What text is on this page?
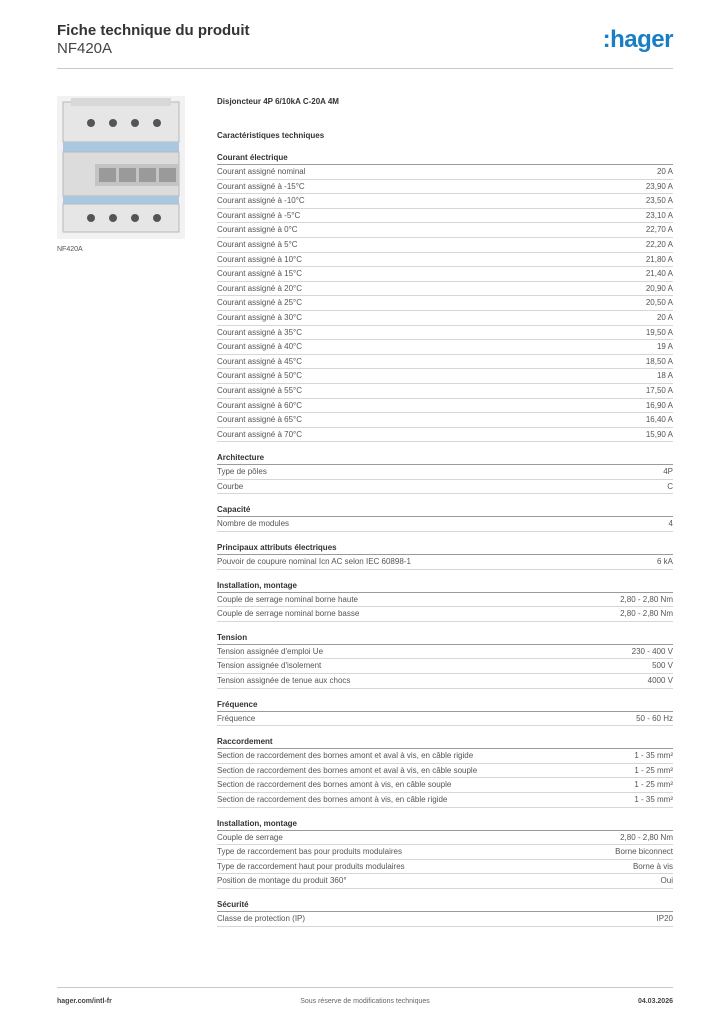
Fiche technique du produit
NF420A	:hager
NF420A
Disjoncteur 4P 6/10kA C-20A 4M
Caractéristiques techniques
Courant électrique
Courant assigné nominal	20 A
Courant assigné à -15°C	23,90 A
Courant assigné à -10°C	23,50 A
Courant assigné à -5°C	23,10 A
Courant assigné à 0°C	22,70 A
Courant assigné à 5°C	22,20 A
Courant assigné à 10°C	21,80 A
Courant assigné à 15°C	21,40 A
Courant assigné à 20°C	20,90 A
Courant assigné à 25°C	20,50 A
Courant assigné à 30°C	20 A
Courant assigné à 35°C	19,50 A
Courant assigné à 40°C	19 A
Courant assigné à 45°C	18,50 A
Courant assigné à 50°C	18 A
Courant assigné à 55°C	17,50 A
Courant assigné à 60°C	16,90 A
Courant assigné à 65°C	16,40 A
Courant assigné à 70°C	15,90 A
Architecture
Type de pôles	4P
Courbe	C
Capacité
Nombre de modules	4
Principaux attributs électriques
Pouvoir de coupure nominal Icn AC selon IEC 60898-1	6 kA
Installation, montage
Couple de serrage nominal borne haute	2,80 - 2,80 Nm
Couple de serrage nominal borne basse	2,80 - 2,80 Nm
Tension
Tension assignée d'emploi Ue	230 - 400 V
Tension assignée d'isolement	500 V
Tension assignée de tenue aux chocs	4000 V
Fréquence
Fréquence	50 - 60 Hz
Raccordement
Section de raccordement des bornes amont et aval à vis, en câble rigide	1 - 35 mm²
Section de raccordement des bornes amont et aval à vis, en câble souple	1 - 25 mm²
Section de raccordement des bornes amont à vis, en câble souple	1 - 25 mm²
Section de raccordement des bornes amont à vis, en câble rigide	1 - 35 mm²
Installation, montage
Couple de serrage	2,80 - 2,80 Nm
Type de raccordement bas pour produits modulaires	Borne biconnect
Type de raccordement haut pour produits modulaires	Borne à vis
Position de montage du produit 360°	Oui
Sécurité
Classe de protection (IP)	IP20
hager.com/intl-fr	Sous réserve de modifications techniques	04.03.2026
